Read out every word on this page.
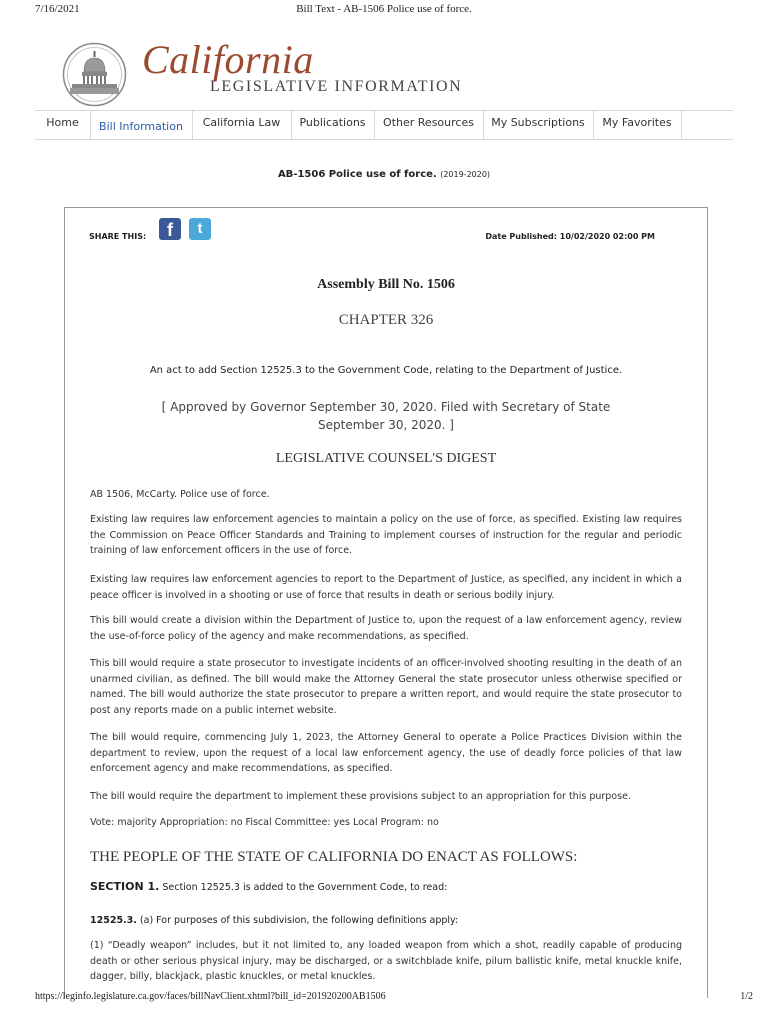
7/16/2021	Bill Text - AB-1506 Police use of force.
California
LEGISLATIVE INFORMATION
Home	Bill Information	California Law	Publications	Other Resources	My Subscriptions	My Favorites
AB-1506 Police use of force. (2019-2020)
SHARE THIS:	f	t	Date Published: 10/02/2020 02:00 PM
Assembly Bill No. 1506
CHAPTER 326
An act to add Section 12525.3 to the Government Code, relating to the Department of Justice.
[ Approved by Governor September 30, 2020. Filed with Secretary of State September 30, 2020. ]
LEGISLATIVE COUNSEL'S DIGEST
AB 1506, McCarty. Police use of force.
Existing law requires law enforcement agencies to maintain a policy on the use of force, as specified. Existing law requires the Commission on Peace Officer Standards and Training to implement courses of instruction for the regular and periodic training of law enforcement officers in the use of force.
Existing law requires law enforcement agencies to report to the Department of Justice, as specified, any incident in which a peace officer is involved in a shooting or use of force that results in death or serious bodily injury.
This bill would create a division within the Department of Justice to, upon the request of a law enforcement agency, review the use-of-force policy of the agency and make recommendations, as specified.
This bill would require a state prosecutor to investigate incidents of an officer-involved shooting resulting in the death of an unarmed civilian, as defined. The bill would make the Attorney General the state prosecutor unless otherwise specified or named. The bill would authorize the state prosecutor to prepare a written report, and would require the state prosecutor to post any reports made on a public internet website.
The bill would require, commencing July 1, 2023, the Attorney General to operate a Police Practices Division within the department to review, upon the request of a local law enforcement agency, the use of deadly force policies of that law enforcement agency and make recommendations, as specified.
The bill would require the department to implement these provisions subject to an appropriation for this purpose.
Vote: majority Appropriation: no Fiscal Committee: yes Local Program: no
THE PEOPLE OF THE STATE OF CALIFORNIA DO ENACT AS FOLLOWS:
SECTION 1. Section 12525.3 is added to the Government Code, to read:
12525.3. (a) For purposes of this subdivision, the following definitions apply:
(1) “Deadly weapon” includes, but it not limited to, any loaded weapon from which a shot, readily capable of producing death or other serious physical injury, may be discharged, or a switchblade knife, pilum ballistic knife, metal knuckle knife, dagger, billy, blackjack, plastic knuckles, or metal knuckles.
https://leginfo.legislature.ca.gov/faces/billNavClient.xhtml?bill_id=201920200AB1506	1/2
